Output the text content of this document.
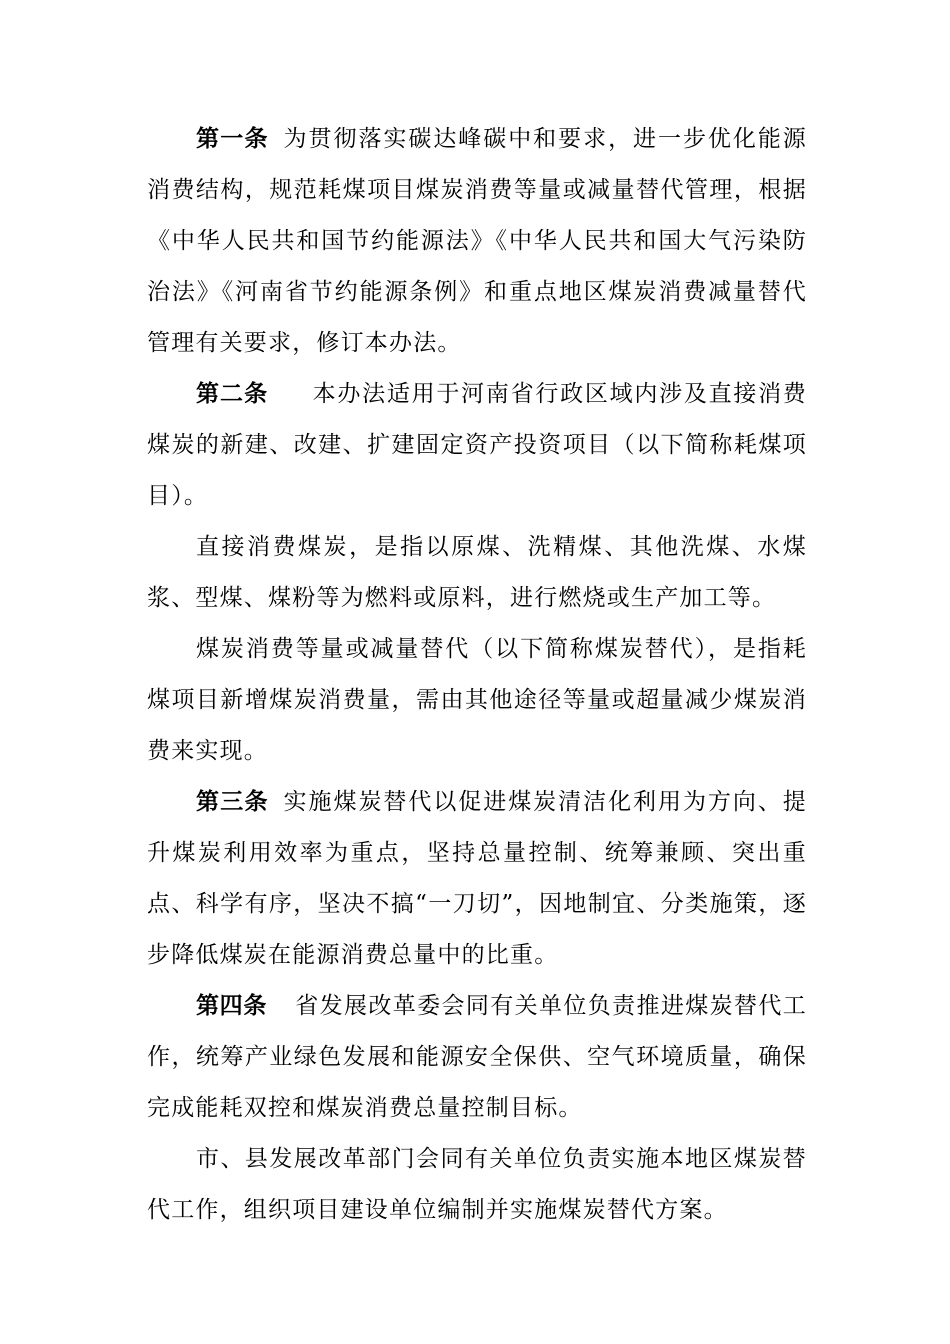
第一条 为贯彻落实碳达峰碳中和要求，进一步优化能源消费结构，规范耗煤项目煤炭消费等量或减量替代管理，根据《中华人民共和国节约能源法》《中华人民共和国大气污染防治法》《河南省节约能源条例》和重点地区煤炭消费减量替代管理有关要求，修订本办法。

第二条 本办法适用于河南省行政区域内涉及直接消费煤炭的新建、改建、扩建固定资产投资项目（以下简称耗煤项目）。

直接消费煤炭，是指以原煤、洗精煤、其他洗煤、水煤浆、型煤、煤粉等为燃料或原料，进行燃烧或生产加工等。

煤炭消费等量或减量替代（以下简称煤炭替代），是指耗煤项目新增煤炭消费量，需由其他途径等量或超量减少煤炭消费来实现。

第三条 实施煤炭替代以促进煤炭清洁化利用为方向、提升煤炭利用效率为重点，坚持总量控制、统筹兼顾、突出重点、科学有序，坚决不搞“一刀切”，因地制宜、分类施策，逐步降低煤炭在能源消费总量中的比重。

第四条 省发展改革委会同有关单位负责推进煤炭替代工作，统筹产业绿色发展和能源安全保供、空气环境质量，确保完成能耗双控和煤炭消费总量控制目标。

市、县发展改革部门会同有关单位负责实施本地区煤炭替代工作，组织项目建设单位编制并实施煤炭替代方案。
